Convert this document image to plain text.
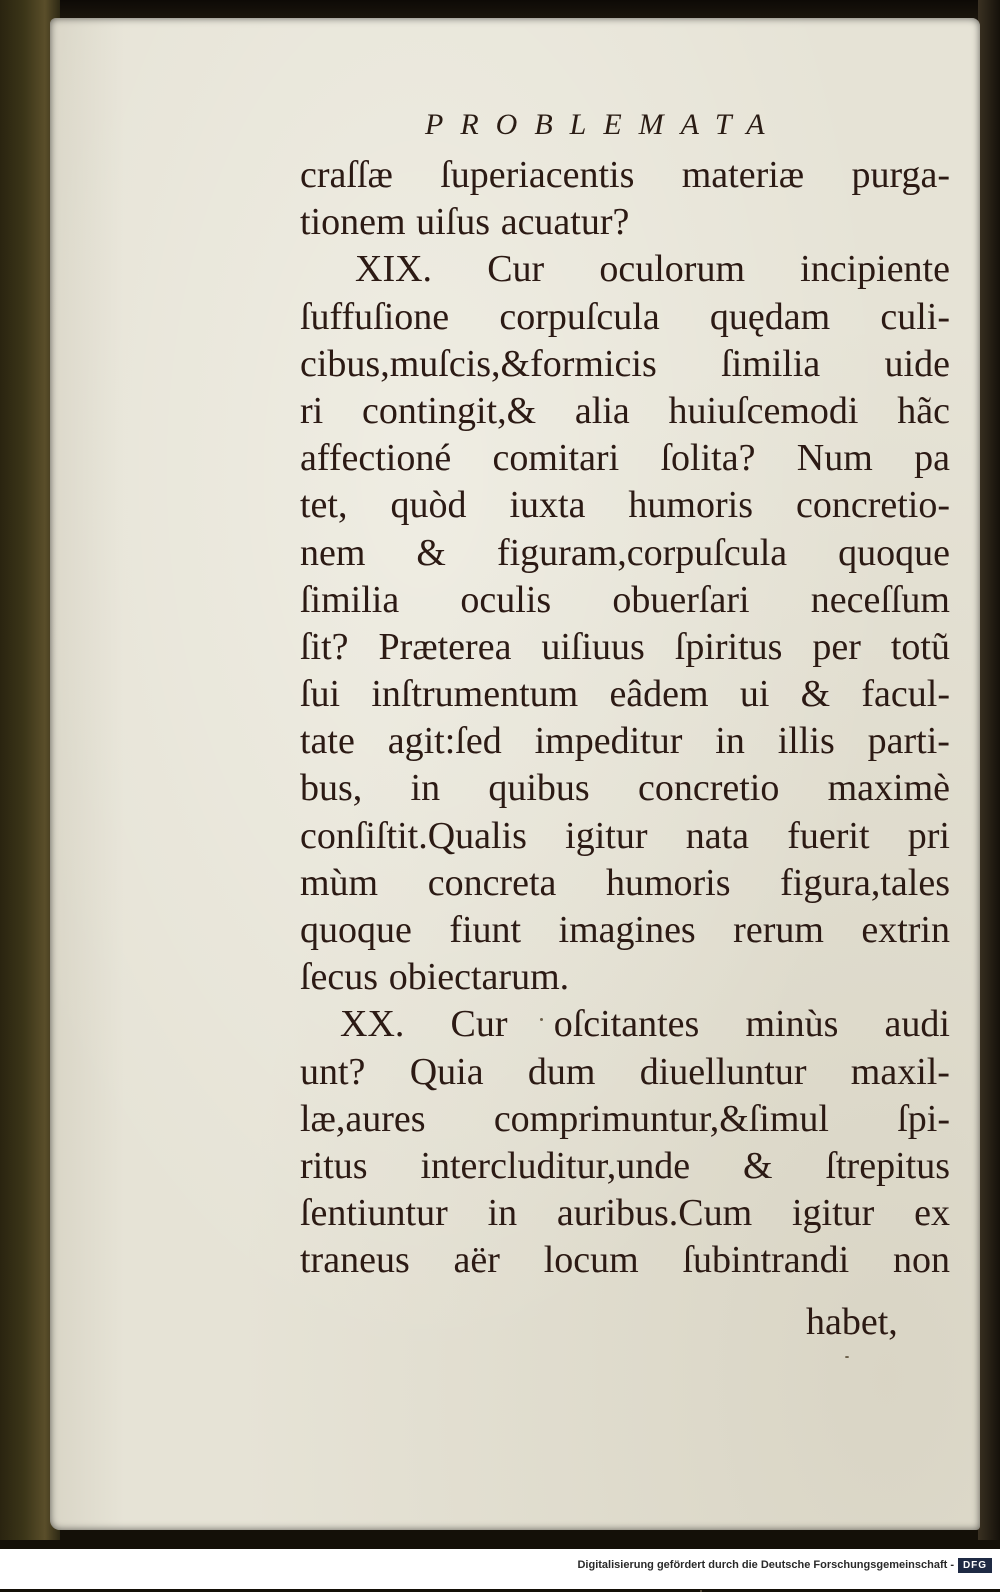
PROBLEMATA
craſſæ ſuperiacentis materiæ purga-
tionem uiſus acuatur?
XIX. Cur oculorum incipiente
ſuffuſione corpuſcula quędam culi-
cibus,muſcis,&formicis ſimilia uide
ri contingit,& alia huiuſcemodi hãc
affectioné comitari ſolita? Num pa
tet, quòd iuxta humoris concretio-
nem & figuram,corpuſcula quoque
ſimilia oculis obuerſari neceſſum
ſit? Præterea uiſiuus ſpiritus per totũ
ſui inſtrumentum eâdem ui & facul-
tate agit:ſed impeditur in illis parti-
bus, in quibus concretio maximè
conſiſtit.Qualis igitur nata fuerit pri
mùm concreta humoris figura,tales
quoque fiunt imagines rerum extrin
ſecus obiectarum.
XX. Cur oſcitantes minùs audi
unt? Quia dum diuelluntur maxil-
læ,aures comprimuntur,&ſimul ſpi-
ritus intercluditur,unde & ſtrepitus
ſentiuntur in auribus.Cum igitur ex
traneus aër locum ſubintrandi non
habet,
Digitalisierung gefördert durch die Deutsche Forschungsgemeinschaft - DFG
